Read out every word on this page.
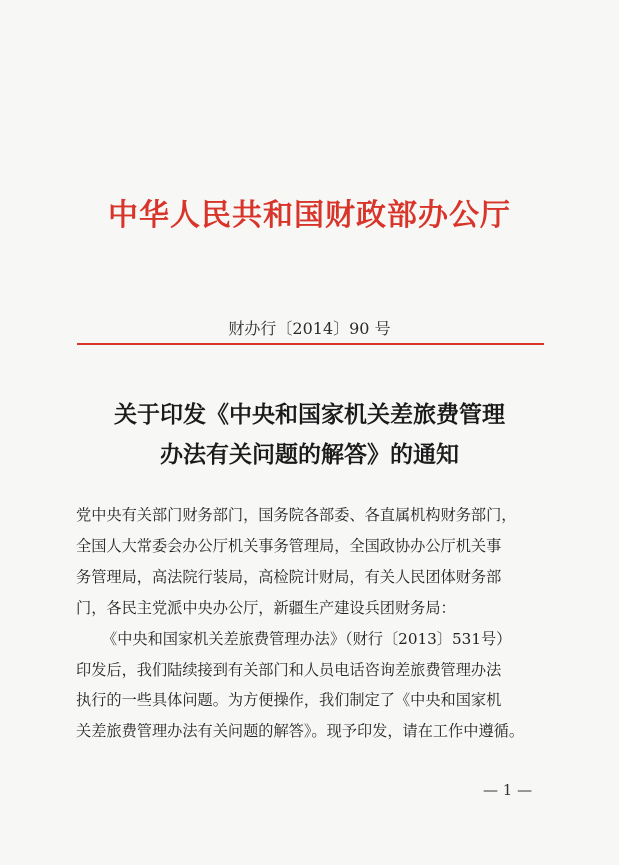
中华人民共和国财政部办公厅
财办行〔2014〕90 号
关于印发《中央和国家机关差旅费管理
办法有关问题的解答》的通知
党中央有关部门财务部门，国务院各部委、各直属机构财务部门，
全国人大常委会办公厅机关事务管理局，全国政协办公厅机关事
务管理局，高法院行装局，高检院计财局，有关人民团体财务部
门，各民主党派中央办公厅，新疆生产建设兵团财务局：
《中央和国家机关差旅费管理办法》（财行〔2013〕531号）
印发后，我们陆续接到有关部门和人员电话咨询差旅费管理办法
执行的一些具体问题。为方便操作，我们制定了《中央和国家机
关差旅费管理办法有关问题的解答》。现予印发，请在工作中遵循。
— 1 —
